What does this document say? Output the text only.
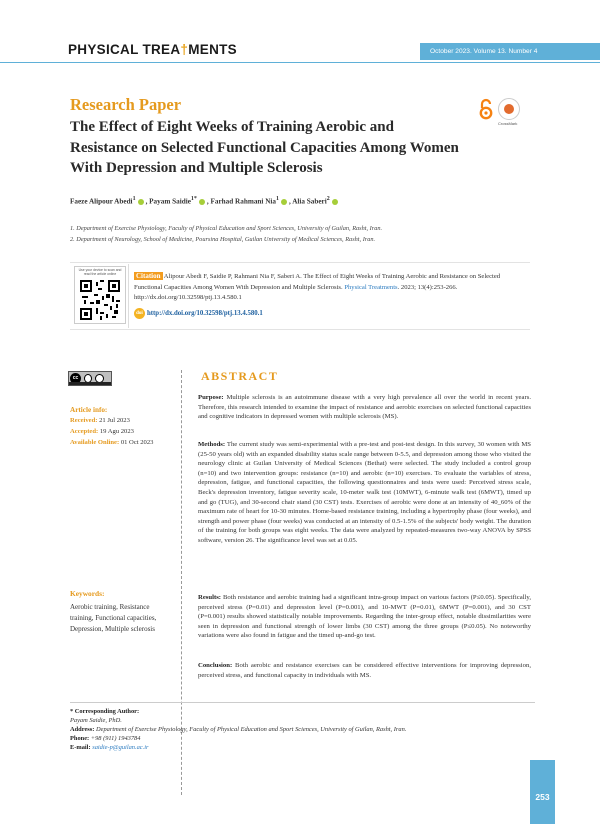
PHYSICAL TREA†MENTS	October 2023. Volume 13. Number 4
Research Paper
The Effect of Eight Weeks of Training Aerobic and Resistance on Selected Functional Capacities Among Women With Depression and Multiple Sclerosis
CrossMark
Faeze Alipour Abedi$^1$ , Payam Saidie$^{1*}$ , Farhad Rahmani Nia$^1$ , Alia Saberi$^2$
1. Department of Exercise Physiology, Faculty of Physical Education and Sport Sciences, University of Guilan, Rasht, Iran.
2. Department of Neurology, School of Medicine, Poursina Hospital, Guilan University of Medical Sciences, Rasht, Iran.
Use your device to scan and read the article online	Citation Alipour Abedi F, Saidie P, Rahmani Nia F, Saberi A. The Effect of Eight Weeks of Training Aerobic and Resistance on Selected Functional Capacities Among Women With Depression and Multiple Sclerosis. Physical Treatments. 2023; 13(4):253-266. http://dx.doi.org/10.32598/ptj.13.4.580.1
doi http://dx.doi.org/10.32598/ptj.13.4.580.1
cc
Article info:
Received: 21 Jul 2023
Accepted: 19 Agu 2023
Available Online: 01 Oct 2023
Keywords:
Aerobic training, Resistance training, Functional capacities, Depression, Multiple sclerosis
ABSTRACT
Purpose: Multiple sclerosis is an autoimmune disease with a very high prevalence all over the world in recent years. Therefore, this research intended to examine the impact of resistance and aerobic exercises on selected functional capacities and cognitive indicators in depressed women with multiple sclerosis (MS).
Methods: The current study was semi-experimental with a pre-test and post-test design. In this survey, 30 women with MS (25-50 years old) with an expanded disability status scale range between 0-5.5, and depression among those who visited the neurology clinic at Guilan University of Medical Sciences (Bethat) were selected. The study included a control group (n=10) and two intervention groups: resistance (n=10) and aerobic (n=10) exercises. To evaluate the variables of stress, depression, fatigue, and functional capacities, the following questionnaires and tests were used: Perceived stress scale, Beck's depression inventory, fatigue severity scale, 10-meter walk test (10MWT), 6-minute walk test (6MWT), timed up and go (TUG), and 30-second chair stand (30 CST) tests. Exercises of aerobic were done at an intensity of 40_60% of the maximum rate of heart for 10-30 minutes. Home-based resistance training, including a hypertrophy phase (four weeks), and strength and power phase (four weeks) was conducted at an intensity of 0.5-1.5% of the subjects' body weight. The duration of the training for both groups was eight weeks. The data were analyzed by repeated-measures two-way ANOVA by SPSS software, version 26. The significance level was set at 0.05.
Results: Both resistance and aerobic training had a significant intra-group impact on various factors (P≤0.05). Specifically, perceived stress (P=0.01) and depression level (P=0.001), and 10-MWT (P=0.01), 6MWT (P=0.001), and 30 CST (P=0.001) results showed statistically notable improvements. Regarding the inter-group effect, notable dissimilarities were seen in depression and functional strength of lower limbs (30 CST) among the three groups (P≤0.05). No noteworthy variations were also found in fatigue and the timed up-and-go test.
Conclusion: Both aerobic and resistance exercises can be considered effective interventions for improving depression, perceived stress, and functional capacity in individuals with MS.
* Corresponding Author:
Payam Saidie, PhD.
Address: Department of Exercise Physiology, Faculty of Physical Education and Sport Sciences, University of Guilan, Rasht, Iran.
Phone: +98 (911) 1943784
E-mail: saidie-p@guilan.ac.ir
253
